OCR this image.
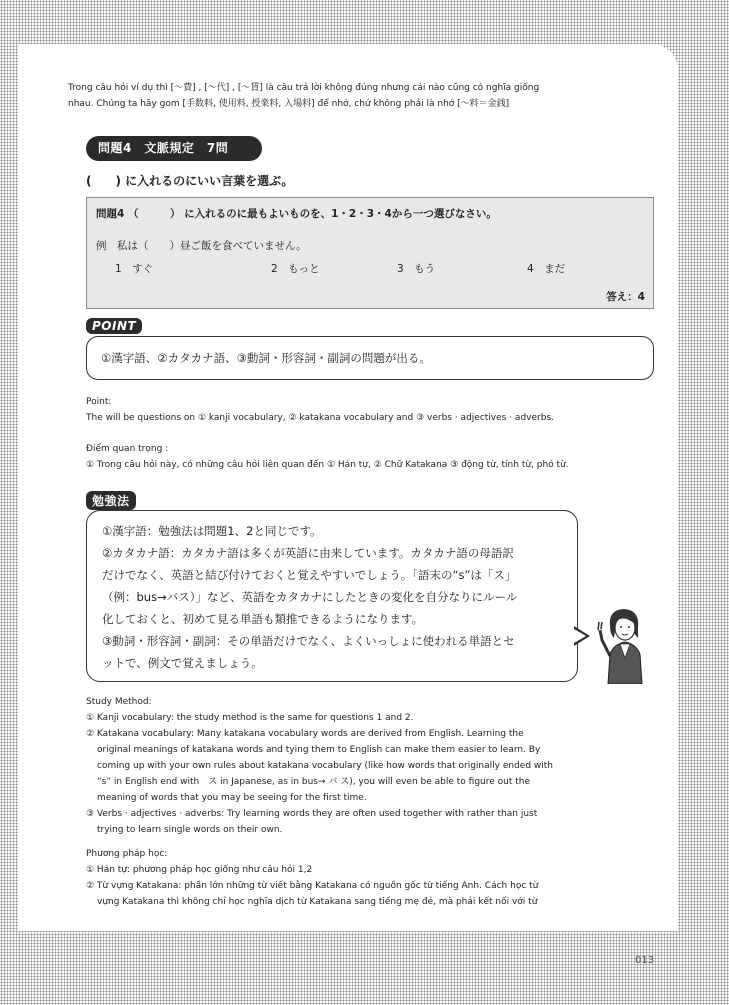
Trong câu hỏi ví dụ thì [～費] , [～代] , [～賃] là câu trả lời không đúng nhưng cái nào cũng có nghĩa giống

nhau. Chúng ta hãy gom [手数料, 使用料, 授業料, 入場料] để nhớ, chứ không phải là nhớ [～料＝金銭]

問題4　文脈規定　7問
(　　) に入れるのにいい言葉を選ぶ。
問題4 （　　　） に入れるのに最もよいものを、1・2・3・4から一つ選びなさい。
例　私は（　　）昼ご飯を食べていません。
1　すぐ	2　もっと	3　もう	4　まだ
答え：4
POINT
①漢字語、②カタカナ語、③動詞・形容詞・副詞の問題が出る。

Point:

The will be questions on ① kanji vocabulary, ② katakana vocabulary and ③ verbs · adjectives · adverbs.

Điểm quan trọng :

① Trong câu hỏi này, có những câu hỏi liên quan đến ① Hán tự, ② Chữ Katakana ③ động từ, tính từ, phó từ.

勉強法
①漢字語：勉強法は問題1、2と同じです。
②カタカナ語：カタカナ語は多くが英語に由来しています。カタカナ語の母語訳
だけでなく、英語と結び付けておくと覚えやすいでしょう。「語末の“s”は「ス」
（例：bus→バス）」など、英語をカタカナにしたときの変化を自分なりにルール
化しておくと、初めて見る単語も類推できるようになります。
③動詞・形容詞・副詞：その単語だけでなく、よくいっしょに使われる単語とセ
ットで、例文で覚えましょう。

Study Method:

① Kanji vocabulary: the study method is the same for questions 1 and 2.

② Katakana vocabulary: Many katakana vocabulary words are derived from English. Learning the

original meanings of katakana words and tying them to English can make them easier to learn. By

coming up with your own rules about katakana vocabulary (like how words that originally ended with

“s” in English end with　ス in Japanese, as in bus→ バ ス), you will even be able to figure out the

meaning of words that you may be seeing for the first time.

③ Verbs · adjectives · adverbs: Try learning words they are often used together with rather than just

trying to learn single words on their own.

Phương pháp học:

① Hán tự: phương pháp học giống như câu hỏi 1,2

② Từ vựng Katakana: phần lớn những từ viết bằng Katakana có nguồn gốc từ tiếng Anh. Cách học từ

vựng Katakana thì không chỉ học nghĩa dịch từ Katakana sang tiếng mẹ đẻ, mà phải kết nối với từ

013
